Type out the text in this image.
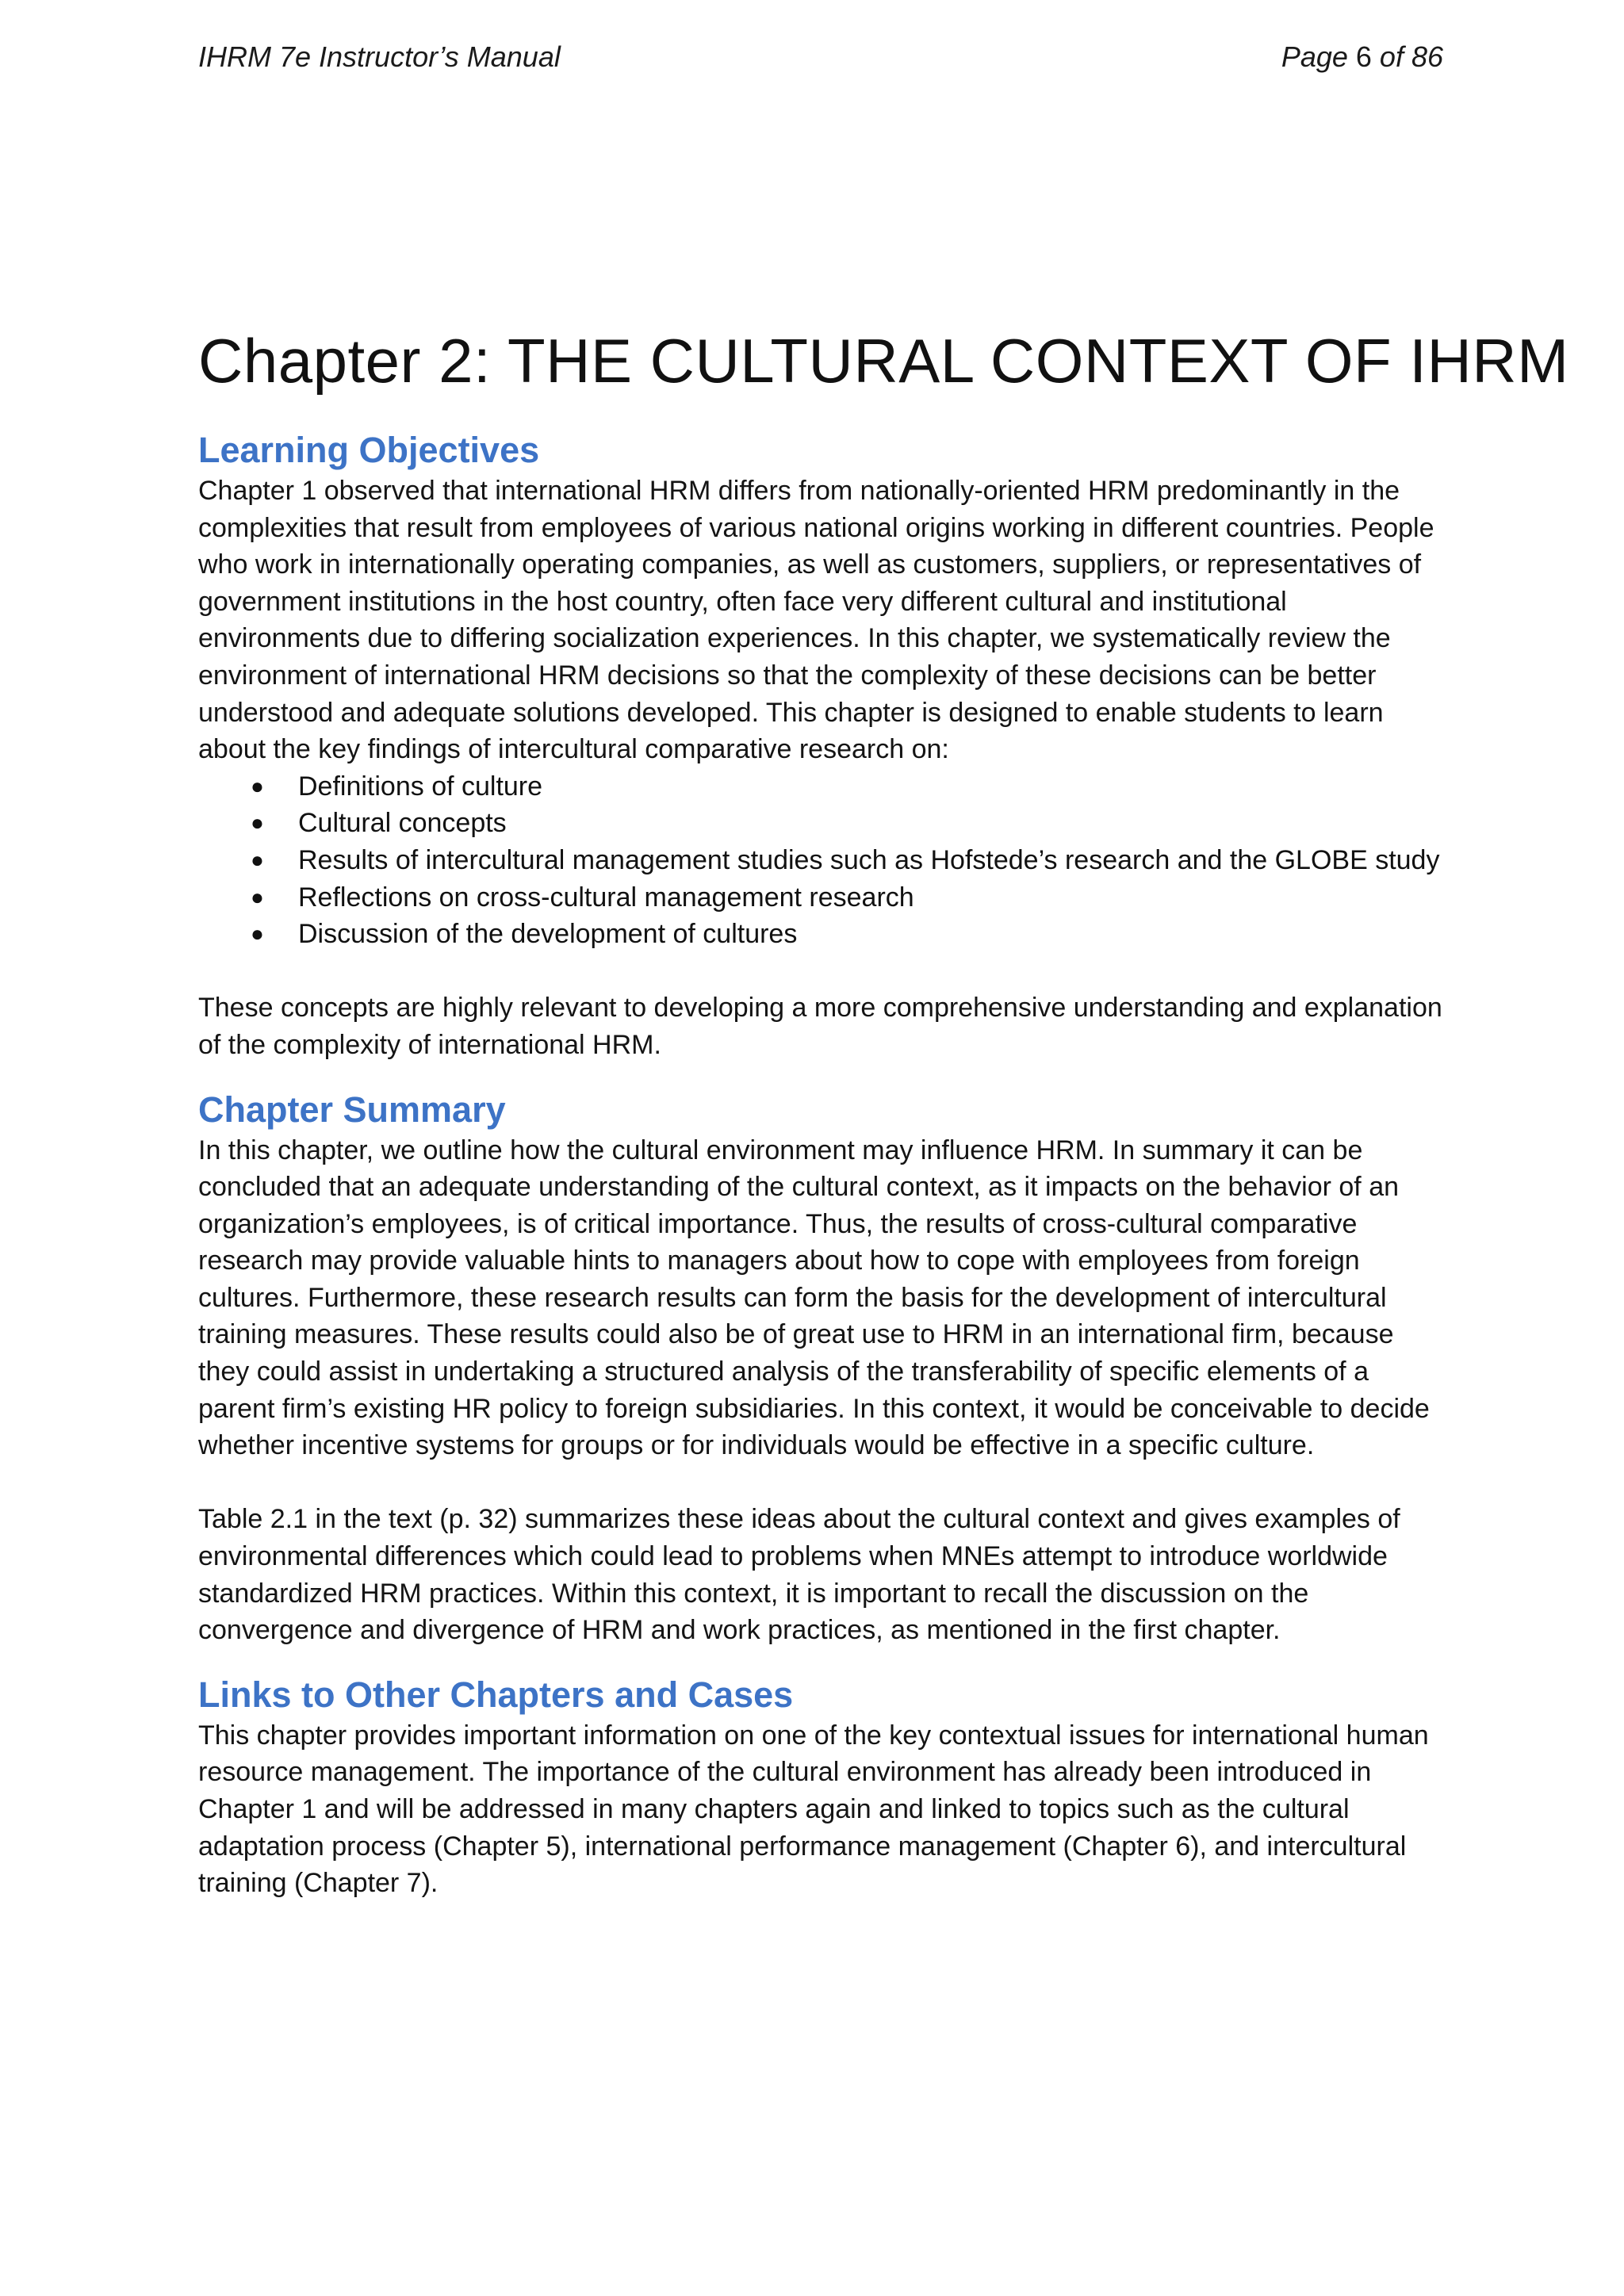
IHRM 7e Instructor’s Manual	Page 6 of 86
Chapter 2: THE CULTURAL CONTEXT OF IHRM
Learning Objectives

Chapter 1 observed that international HRM differs from nationally-oriented HRM predominantly in the complexities that result from employees of various national origins working in different countries. People who work in internationally operating companies, as well as customers, suppliers, or representatives of government institutions in the host country, often face very different cultural and institutional environments due to differing socialization experiences. In this chapter, we systematically review the environment of international HRM decisions so that the complexity of these decisions can be better understood and adequate solutions developed. This chapter is designed to enable students to learn about the key findings of intercultural comparative research on:

● Definitions of culture
● Cultural concepts
● Results of intercultural management studies such as Hofstede’s research and the GLOBE study
● Reflections on cross-cultural management research
● Discussion of the development of cultures

These concepts are highly relevant to developing a more comprehensive understanding and explanation of the complexity of international HRM.

Chapter Summary

In this chapter, we outline how the cultural environment may influence HRM. In summary it can be concluded that an adequate understanding of the cultural context, as it impacts on the behavior of an organization’s employees, is of critical importance. Thus, the results of cross-cultural comparative research may provide valuable hints to managers about how to cope with employees from foreign cultures. Furthermore, these research results can form the basis for the development of intercultural training measures. These results could also be of great use to HRM in an international firm, because they could assist in undertaking a structured analysis of the transferability of specific elements of a parent firm’s existing HR policy to foreign subsidiaries. In this context, it would be conceivable to decide whether incentive systems for groups or for individuals would be effective in a specific culture.

Table 2.1 in the text (p. 32) summarizes these ideas about the cultural context and gives examples of environmental differences which could lead to problems when MNEs attempt to introduce worldwide standardized HRM practices. Within this context, it is important to recall the discussion on the convergence and divergence of HRM and work practices, as mentioned in the first chapter.

Links to Other Chapters and Cases

This chapter provides important information on one of the key contextual issues for international human resource management. The importance of the cultural environment has already been introduced in Chapter 1 and will be addressed in many chapters again and linked to topics such as the cultural adaptation process (Chapter 5), international performance management (Chapter 6), and intercultural training (Chapter 7).
